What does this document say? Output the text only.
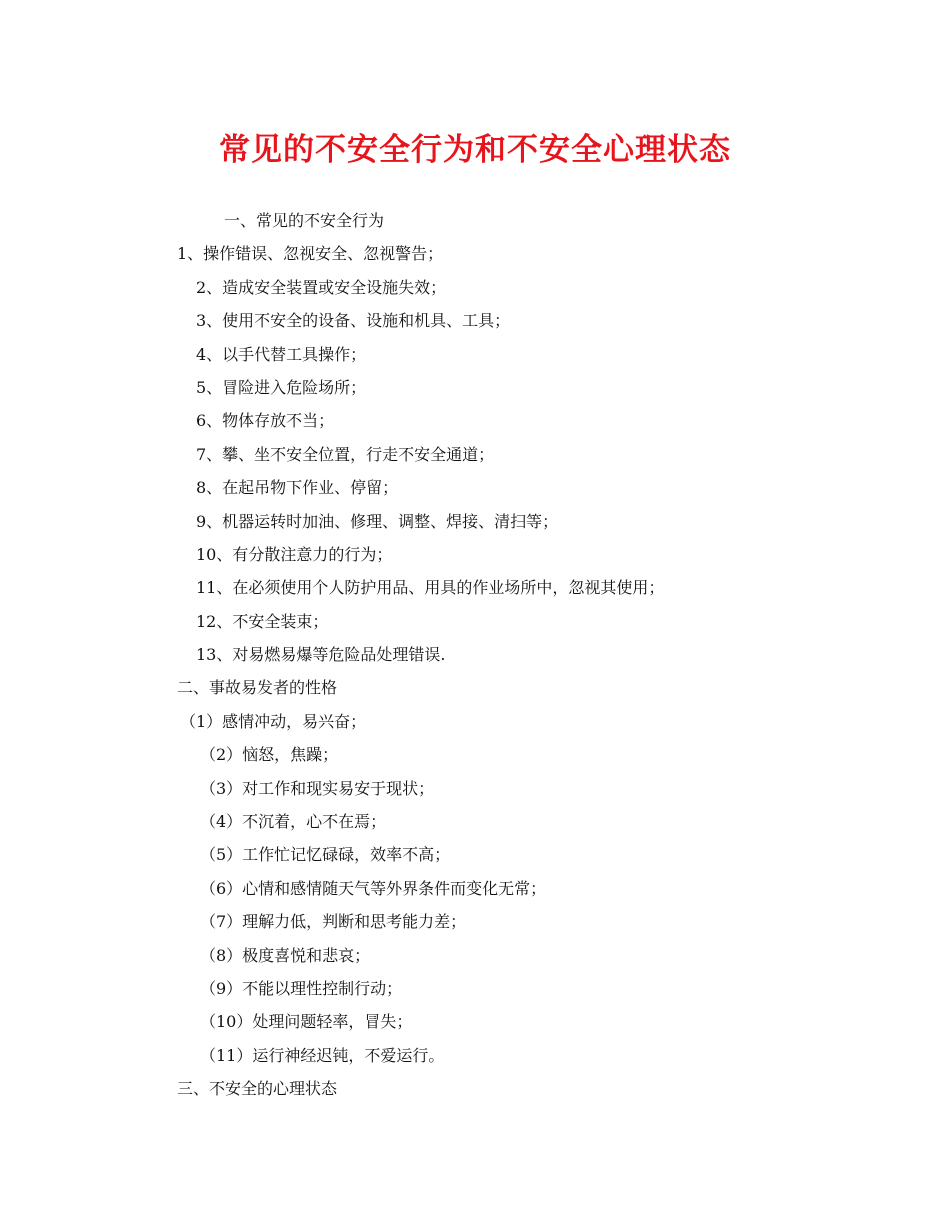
常见的不安全行为和不安全心理状态
一、常见的不安全行为
1、操作错误、忽视安全、忽视警告；
2、造成安全装置或安全设施失效；
3、使用不安全的设备、设施和机具、工具；
4、以手代替工具操作；
5、冒险进入危险场所；
6、物体存放不当；
7、攀、坐不安全位置，行走不安全通道；
8、在起吊物下作业、停留；
9、机器运转时加油、修理、调整、焊接、清扫等；
10、有分散注意力的行为；
11、在必须使用个人防护用品、用具的作业场所中，忽视其使用；
12、不安全装束；
13、对易燃易爆等危险品处理错误.
二、事故易发者的性格
（1）感情冲动，易兴奋；
（2）恼怒，焦躁；
（3）对工作和现实易安于现状；
（4）不沉着，心不在焉；
（5）工作忙记忆碌碌，效率不高；
（6）心情和感情随天气等外界条件而变化无常；
（7）理解力低，判断和思考能力差；
（8）极度喜悦和悲哀；
（9）不能以理性控制行动；
（10）处理问题轻率，冒失；
（11）运行神经迟钝，不爱运行。
三、不安全的心理状态
